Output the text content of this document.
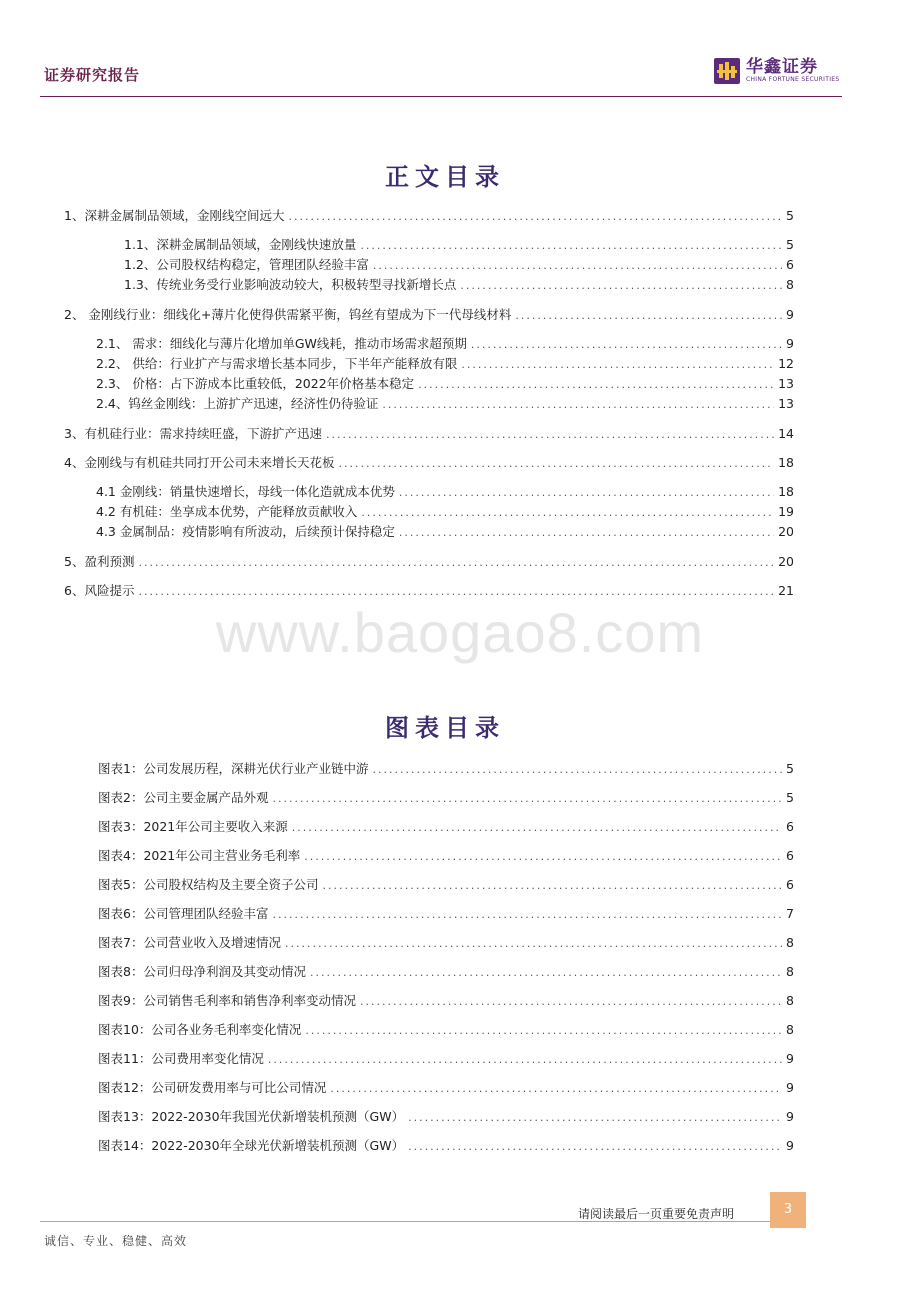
证券研究报告	华鑫证券
CHINA FORTUNE SECURITIES
正文目录
1、深耕金属制品领域，金刚线空间远大 .....	5
1.1、深耕金属制品领域，金刚线快速放量 .....	5
1.2、公司股权结构稳定，管理团队经验丰富 .....	6
1.3、传统业务受行业影响波动较大，积极转型寻找新增长点 .....	8
2、 金刚线行业：细线化+薄片化使得供需紧平衡，钨丝有望成为下一代母线材料 .....	9
2.1、 需求：细线化与薄片化增加单GW线耗，推动市场需求超预期 .....	9
2.2、 供给：行业扩产与需求增长基本同步，下半年产能释放有限 .....	12
2.3、 价格：占下游成本比重较低，2022年价格基本稳定 .....	13
2.4、钨丝金刚线：上游扩产迅速，经济性仍待验证 .....	13
3、有机硅行业：需求持续旺盛，下游扩产迅速 .....	14
4、金刚线与有机硅共同打开公司未来增长天花板 .....	18
4.1 金刚线：销量快速增长，母线一体化造就成本优势 .....	18
4.2 有机硅：坐享成本优势，产能释放贡献收入 .....	19
4.3 金属制品：疫情影响有所波动，后续预计保持稳定 .....	20
5、盈利预测 .....	20
6、风险提示 .....	21
www.baogao8.com
图表目录
图表1：公司发展历程，深耕光伏行业产业链中游 .....	5
图表2：公司主要金属产品外观 .....	5
图表3：2021年公司主要收入来源 .....	6
图表4：2021年公司主营业务毛利率 .....	6
图表5：公司股权结构及主要全资子公司 .....	6
图表6：公司管理团队经验丰富 .....	7
图表7：公司营业收入及增速情况 .....	8
图表8：公司归母净利润及其变动情况 .....	8
图表9：公司销售毛利率和销售净利率变动情况 .....	8
图表10：公司各业务毛利率变化情况 .....	8
图表11：公司费用率变化情况 .....	9
图表12：公司研发费用率与可比公司情况 .....	9
图表13：2022-2030年我国光伏新增装机预测（GW） .....	9
图表14：2022-2030年全球光伏新增装机预测（GW） .....	9
请阅读最后一页重要免责声明	3
诚信、专业、稳健、高效
